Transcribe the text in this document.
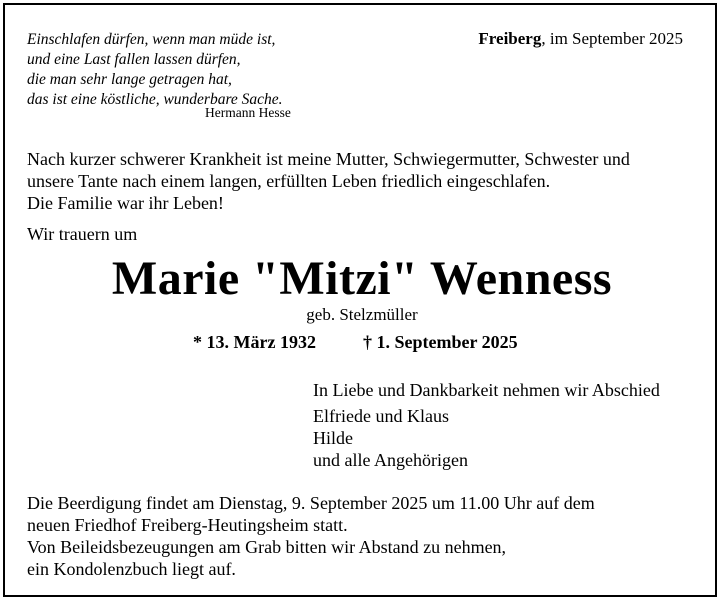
Einschlafen dürfen, wenn man müde ist,
und eine Last fallen lassen dürfen,
die man sehr lange getragen hat,
das ist eine köstliche, wunderbare Sache.
Hermann Hesse
Freiberg, im September 2025
Nach kurzer schwerer Krankheit ist meine Mutter, Schwiegermutter, Schwester und
unsere Tante nach einem langen, erfüllten Leben friedlich eingeschlafen.
Die Familie war ihr Leben!
Wir trauern um
Marie "Mitzi" Wenness
geb. Stelzmüller
* 13. März 1932	† 1. September 2025
In Liebe und Dankbarkeit nehmen wir Abschied
Elfriede und Klaus
Hilde
und alle Angehörigen
Die Beerdigung findet am Dienstag, 9. September 2025 um 11.00 Uhr auf dem
neuen Friedhof Freiberg-Heutingsheim statt.
Von Beileidsbezeugungen am Grab bitten wir Abstand zu nehmen,
ein Kondolenzbuch liegt auf.
